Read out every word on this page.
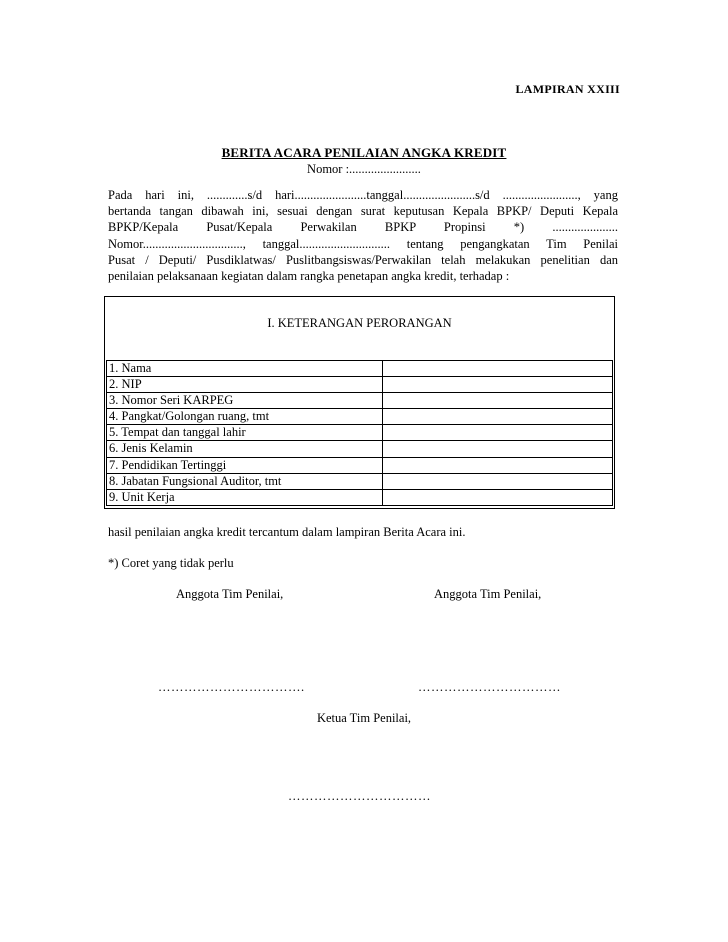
LAMPIRAN XXIII
BERITA ACARA PENILAIAN ANGKA KREDIT
Nomor :.......................
Pada hari ini, .............s/d hari.......................tanggal.......................s/d ........................, yang
bertanda tangan dibawah ini, sesuai dengan surat keputusan Kepala BPKP/ Deputi Kepala
BPKP/Kepala Pusat/Kepala Perwakilan BPKP Propinsi *) .....................
Nomor................................, tanggal............................. tentang pengangkatan Tim Penilai
Pusat / Deputi/ Pusdiklatwas/ Puslitbangsiswas/Perwakilan telah melakukan penelitian dan
penilaian pelaksanaan kegiatan dalam rangka penetapan angka kredit, terhadap :
I. KETERANGAN PERORANGAN
1. Nama	
2. NIP	
3. Nomor Seri KARPEG	
4. Pangkat/Golongan ruang, tmt	
5. Tempat dan tanggal lahir	
6. Jenis Kelamin	
7. Pendidikan Tertinggi	
8. Jabatan Fungsional Auditor, tmt	
9. Unit Kerja	
hasil penilaian angka kredit tercantum dalam lampiran Berita Acara ini.
*) Coret yang tidak perlu
Anggota Tim Penilai,	Anggota Tim Penilai,
…………………………….	……………………………
Ketua Tim Penilai,
……………………………
